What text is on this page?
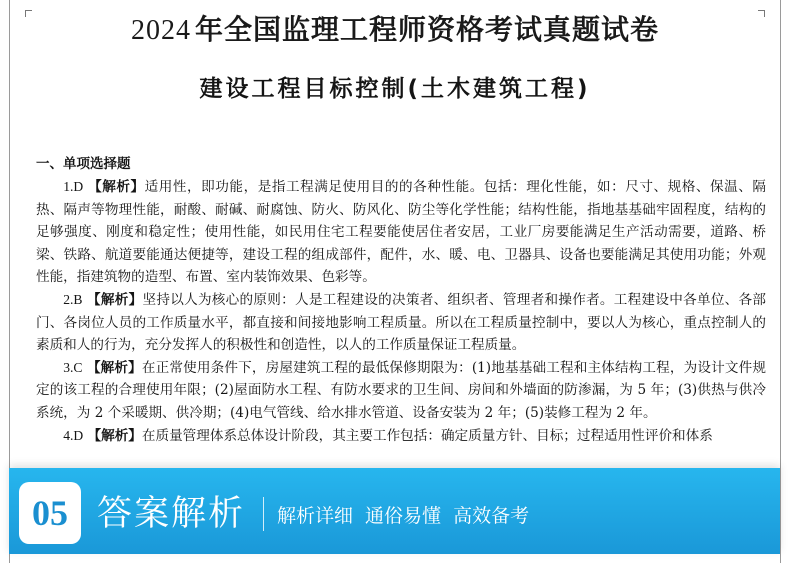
2024 年全国监理工程师资格考试真题试卷
建设工程目标控制(土木建筑工程)
一、单项选择题

1.D 【解析】适用性，即功能，是指工程满足使用目的的各种性能。包括：理化性能，如：尺寸、规格、保温、隔热、隔声等物理性能，耐酸、耐碱、耐腐蚀、防火、防风化、防尘等化学性能；结构性能，指地基基础牢固程度，结构的足够强度、刚度和稳定性；使用性能，如民用住宅工程要能使居住者安居，工业厂房要能满足生产活动需要，道路、桥梁、铁路、航道要能通达便捷等，建设工程的组成部件，配件，水、暖、电、卫器具、设备也要能满足其使用功能；外观性能，指建筑物的造型、布置、室内装饰效果、色彩等。

2.B 【解析】坚持以人为核心的原则：人是工程建设的决策者、组织者、管理者和操作者。工程建设中各单位、各部门、各岗位人员的工作质量水平，都直接和间接地影响工程质量。所以在工程质量控制中，要以人为核心，重点控制人的素质和人的行为，充分发挥人的积极性和创造性，以人的工作质量保证工程质量。

3.C 【解析】在正常使用条件下，房屋建筑工程的最低保修期限为：(1)地基基础工程和主体结构工程，为设计文件规定的该工程的合理使用年限；(2)屋面防水工程、有防水要求的卫生间、房间和外墙面的防渗漏，为 5 年；(3)供热与供冷系统，为 2 个采暖期、供冷期；(4)电气管线、给水排水管道、设备安装为 2 年；(5)装修工程为 2 年。

4.D 【解析】在质量管理体系总体设计阶段，其主要工作包括：确定质量方针、目标；过程适用性评价和体系

05 答案解析 解析详细 通俗易懂 高效备考
